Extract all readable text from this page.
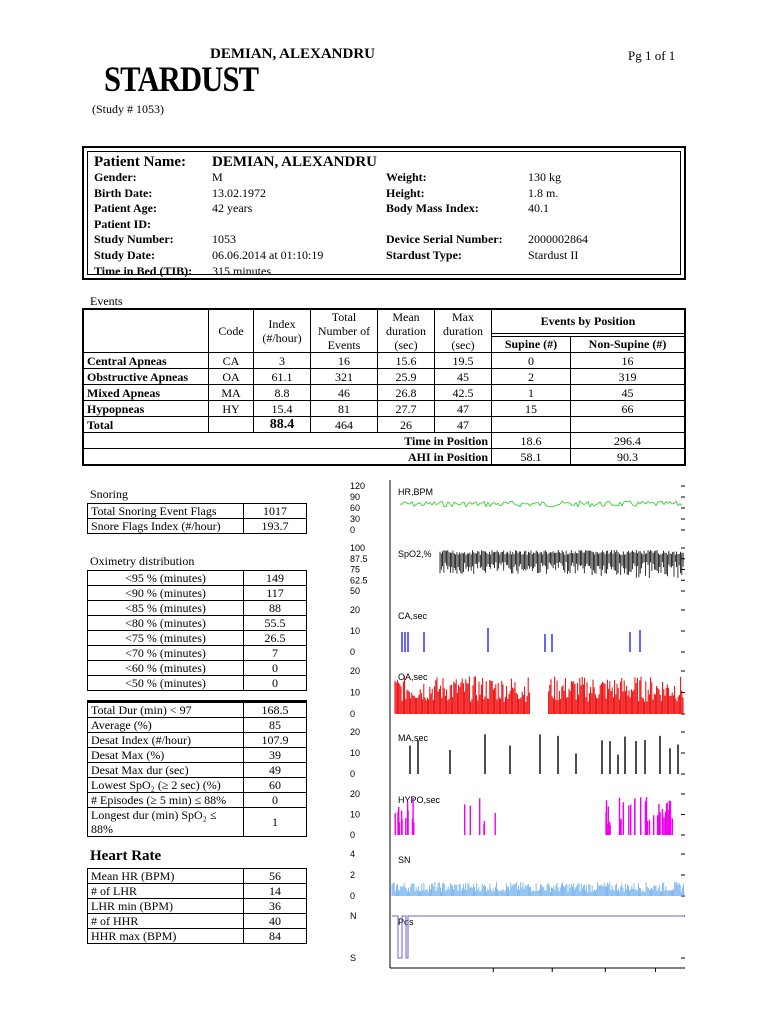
DEMIAN, ALEXANDRU	Pg 1 of 1
STARDUST
(Study # 1053)
Patient Name: DEMIAN, ALEXANDRU
Gender:	M
Birth Date:	13.02.1972
Patient Age:	42 years
Patient ID:
Study Number:	1053
Study Date:	06.06.2014 at 01:10:19
Time in Bed (TIB): 315 minutes
Weight:	130 kg
Height:	1.8 m.
Body Mass Index:	40.1
Device Serial Number: 2000002864
Stardust Type:	Stardust II
Events
	Code	Index (#/hour)	Total Number of Events	Mean duration (sec)	Max duration (sec)	Events by Position	

						Supine (#)	Non-Supine (#)
Central Apneas	CA	3	16	15.6	19.5	0	16
Obstructive Apneas	OA	61.1	321	25.9	45	2	319
Mixed Apneas	MA	8.8	46	26.8	42.5	1	45
Hypopneas	HY	15.4	81	27.7	47	15	66
Total		88.4	464	26	47		
Time in Position						18.6	296.4
AHI in Position						58.1	90.3
Snoring
Total Snoring Event Flags	1017
Snore Flags Index (#/hour)	193.7
Oximetry distribution
<95 % (minutes)	149
<90 % (minutes)	117
<85 % (minutes)	88
<80 % (minutes)	55.5
<75 % (minutes)	26.5
<70 % (minutes)	7
<60 % (minutes)	0
<50 % (minutes)	0
Total Dur (min) < 97	168.5
Average (%)	85
Desat Index (#/hour)	107.9
Desat Max (%)	39
Desat Max dur (sec)	49
Lowest SpO₂ (≥ 2 sec) (%)	60
# Episodes (≥ 5 min) ≤ 88%	0
Longest dur (min) SpO₂ ≤ 88%	1
Heart Rate
Mean HR (BPM)	56
# of LHR	14
LHR min (BPM)	36
# of HHR	40
HHR max (BPM)	84
HR,BPM
120
90
60
30
0
SpO2,%
100
87.5
75
62.5
50
CA,sec
20
10
0
OA,sec
20
10
0
MA,sec
20
10
0
HYPO,sec
20
10
0
SN
4
2
0
Pos
N
S
